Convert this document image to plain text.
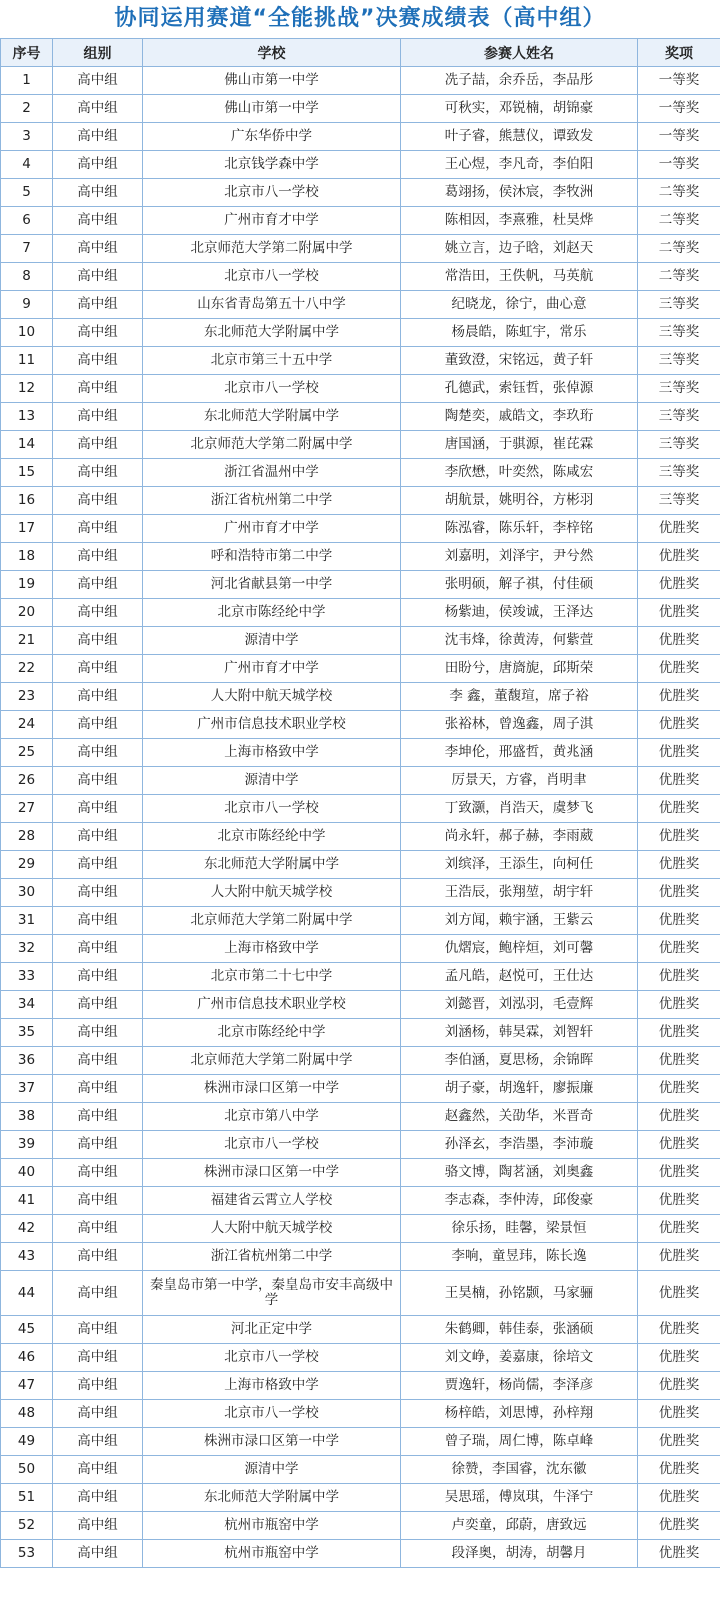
协同运用赛道“全能挑战”决赛成绩表（高中组）
序号	组别	学校	参赛人姓名	奖项
1	高中组	佛山市第一中学	冼子喆，余乔岳，李品彤	一等奖
2	高中组	佛山市第一中学	可秋实，邓锐楠，胡锦豪	一等奖
3	高中组	广东华侨中学	叶子睿，熊慧仪，谭致发	一等奖
4	高中组	北京钱学森中学	王心煜，李凡奇，李伯阳	一等奖
5	高中组	北京市八一学校	葛翊扬，侯沐宸，李牧洲	二等奖
6	高中组	广州市育才中学	陈相因，李熹雅，杜昊烨	二等奖
7	高中组	北京师范大学第二附属中学	姚立言，边子晗，刘赵天	二等奖
8	高中组	北京市八一学校	常浩田，王佚帆，马英航	二等奖
9	高中组	山东省青岛第五十八中学	纪晓龙，徐宁，曲心意	三等奖
10	高中组	东北师范大学附属中学	杨晨皓，陈虹宇，常乐	三等奖
11	高中组	北京市第三十五中学	董致澄，宋铭远，黄子轩	三等奖
12	高中组	北京市八一学校	孔德武，索钰哲，张倬源	三等奖
13	高中组	东北师范大学附属中学	陶楚奕，戚皓文，李玖珩	三等奖
14	高中组	北京师范大学第二附属中学	唐国涵，于骐源，崔芘霖	三等奖
15	高中组	浙江省温州中学	李欣懋，叶奕然，陈咸宏	三等奖
16	高中组	浙江省杭州第二中学	胡航景，姚明谷，方彬羽	三等奖
17	高中组	广州市育才中学	陈泓睿，陈乐轩，李梓铭	优胜奖
18	高中组	呼和浩特市第二中学	刘嘉明，刘泽宇，尹兮然	优胜奖
19	高中组	河北省献县第一中学	张明硕，解子祺，付佳硕	优胜奖
20	高中组	北京市陈经纶中学	杨紫迪，侯竣诚，王泽达	优胜奖
21	高中组	源清中学	沈韦烽，徐黄涛，何紫萱	优胜奖
22	高中组	广州市育才中学	田盼兮，唐旖旎，邱斯荣	优胜奖
23	高中组	人大附中航天城学校	李 鑫，董馥瑄，席子裕	优胜奖
24	高中组	广州市信息技术职业学校	张裕林，曾逸鑫，周子淇	优胜奖
25	高中组	上海市格致中学	李坤伦，邢盛哲，黄兆涵	优胜奖
26	高中组	源清中学	厉景天，方睿，肖明聿	优胜奖
27	高中组	北京市八一学校	丁致灏，肖浩天，虞梦飞	优胜奖
28	高中组	北京市陈经纶中学	尚永轩，郝子赫，李雨葳	优胜奖
29	高中组	东北师范大学附属中学	刘缤泽，王添生，向柯任	优胜奖
30	高中组	人大附中航天城学校	王浩辰，张翔堃，胡宇轩	优胜奖
31	高中组	北京师范大学第二附属中学	刘方闻，赖宇涵，王紫云	优胜奖
32	高中组	上海市格致中学	仇熠宸，鲍梓烜，刘可馨	优胜奖
33	高中组	北京市第二十七中学	孟凡皓，赵悦可，王仕达	优胜奖
34	高中组	广州市信息技术职业学校	刘懿晋，刘泓羽，毛壹辉	优胜奖
35	高中组	北京市陈经纶中学	刘涵杨，韩昊霖，刘智轩	优胜奖
36	高中组	北京师范大学第二附属中学	李伯涵，夏思杨，余锦晖	优胜奖
37	高中组	株洲市渌口区第一中学	胡子豪，胡逸轩，廖振廉	优胜奖
38	高中组	北京市第八中学	赵鑫然，关劭华，米晋奇	优胜奖
39	高中组	北京市八一学校	孙泽玄，李浩墨，李沛璇	优胜奖
40	高中组	株洲市渌口区第一中学	骆文博，陶茗涵，刘奥鑫	优胜奖
41	高中组	福建省云霄立人学校	李志森，李仲涛，邱俊豪	优胜奖
42	高中组	人大附中航天城学校	徐乐扬，眭馨，梁景恒	优胜奖
43	高中组	浙江省杭州第二中学	李响，童昱玮，陈长逸	优胜奖
44	高中组	秦皇岛市第一中学，秦皇岛市安丰高级中学	王昊楠，孙铭颢，马家骊	优胜奖
45	高中组	河北正定中学	朱鹤卿，韩佳泰，张涵硕	优胜奖
46	高中组	北京市八一学校	刘文峥，姜嘉康，徐培文	优胜奖
47	高中组	上海市格致中学	贾逸轩，杨尚儒，李泽彦	优胜奖
48	高中组	北京市八一学校	杨梓皓，刘思博，孙梓翔	优胜奖
49	高中组	株洲市渌口区第一中学	曾子瑞，周仁博，陈卓峰	优胜奖
50	高中组	源清中学	徐赞，李国睿，沈东徽	优胜奖
51	高中组	东北师范大学附属中学	吴思瑶，傅岚琪，牛泽宁	优胜奖
52	高中组	杭州市瓶窑中学	卢奕童，邱蔚，唐致远	优胜奖
53	高中组	杭州市瓶窑中学	段泽奥，胡涛，胡馨月	优胜奖
